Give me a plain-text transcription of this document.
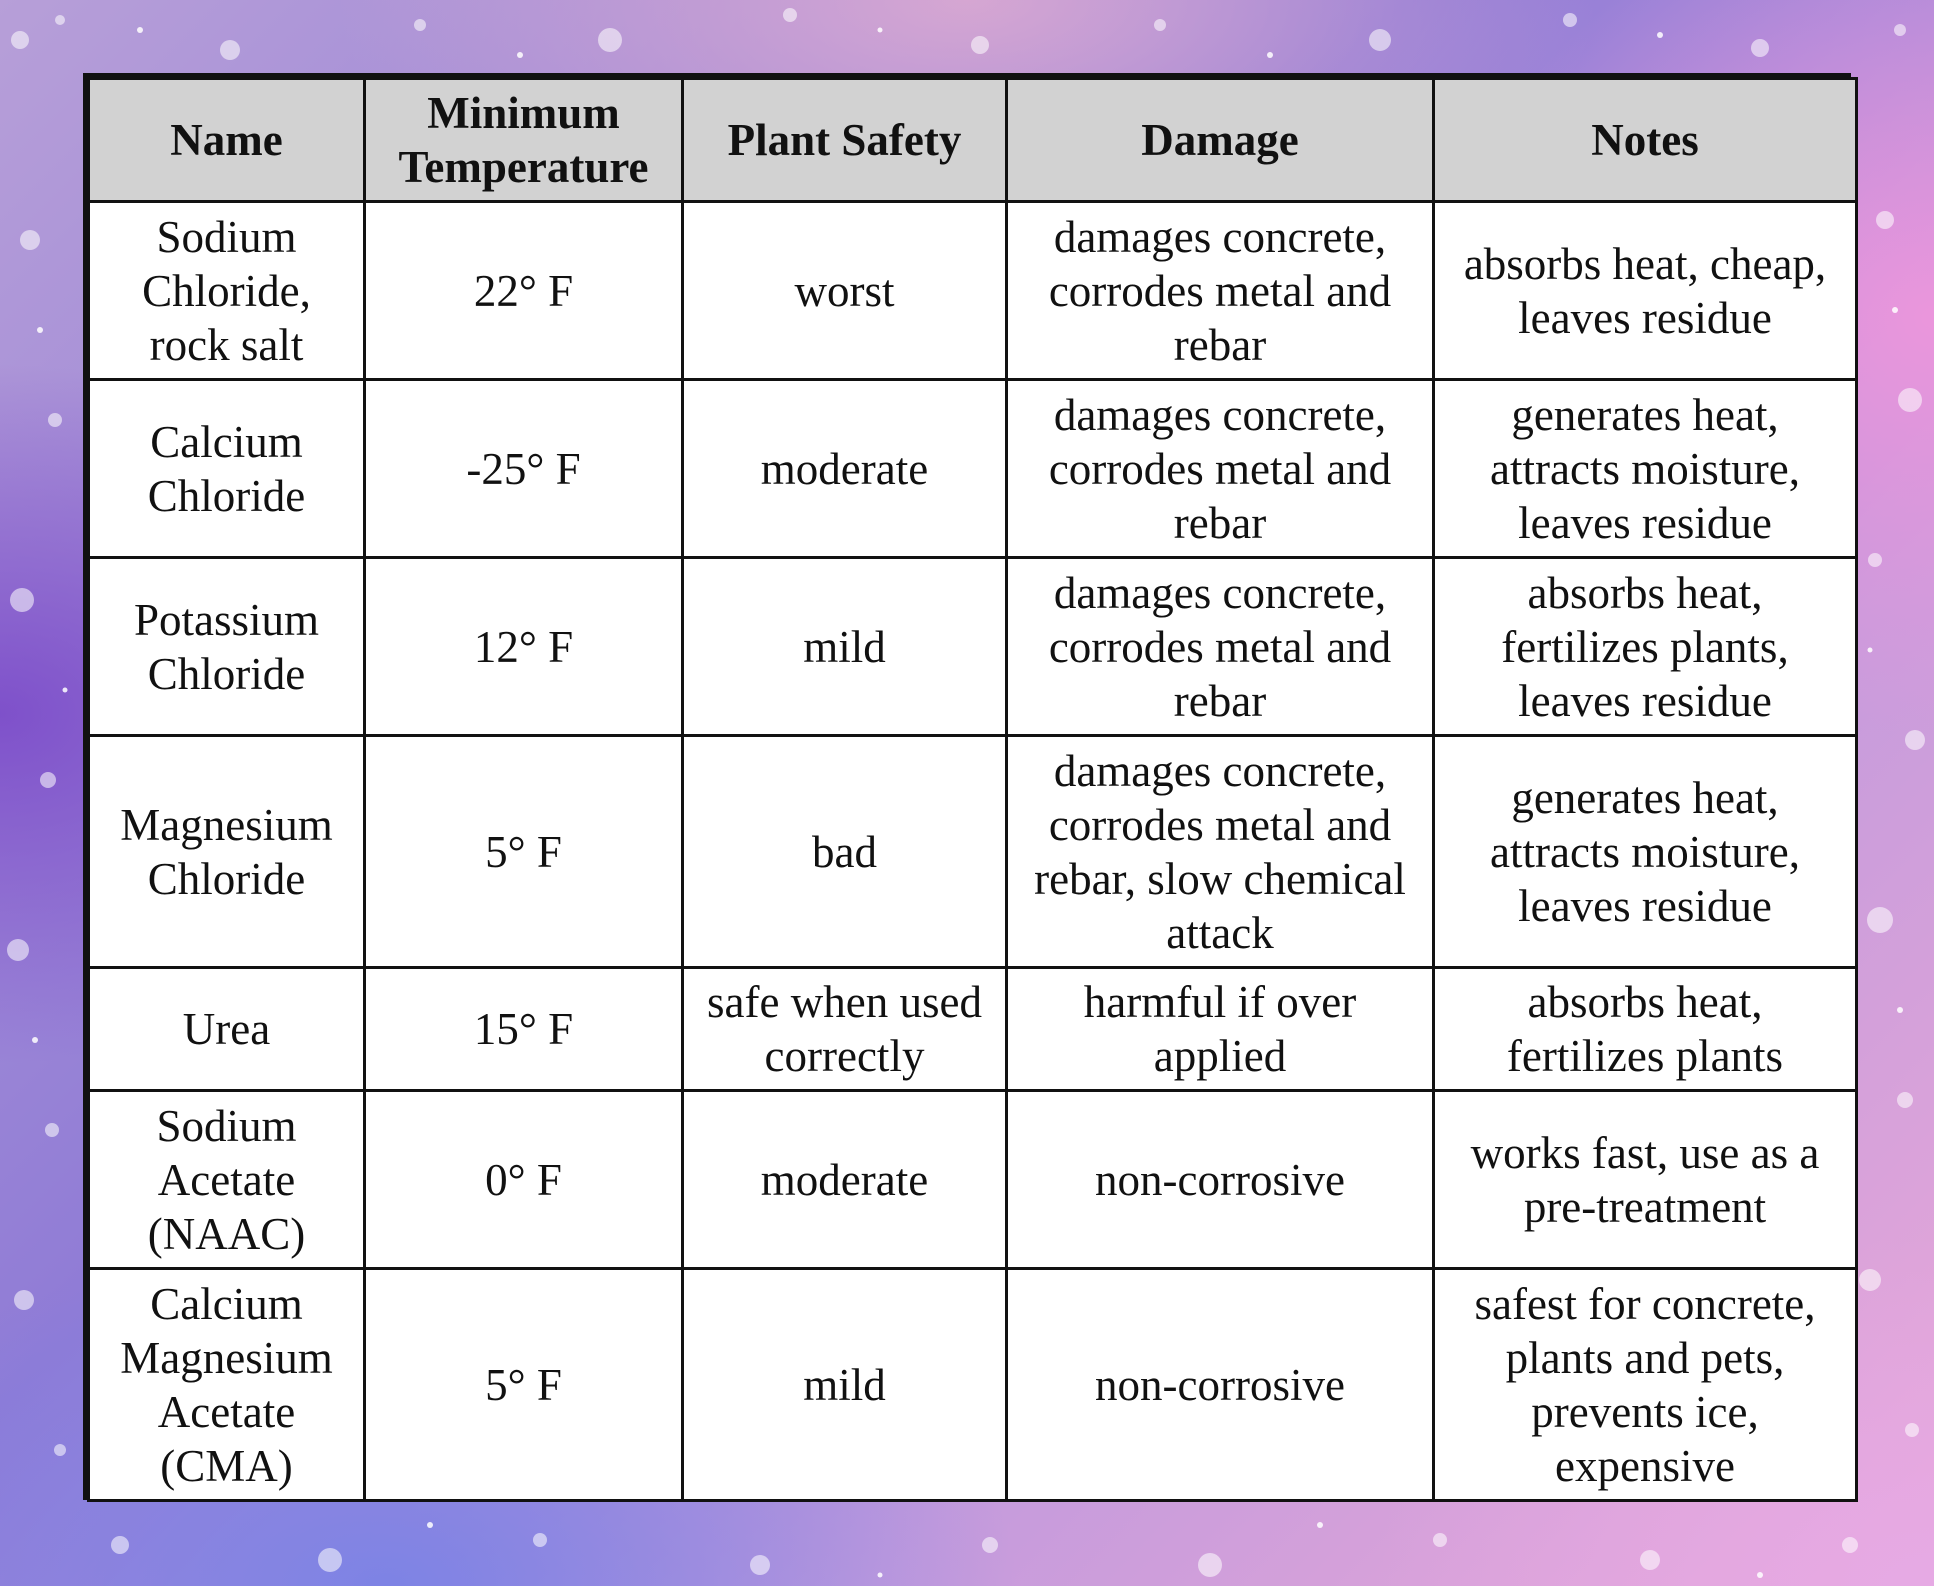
Name	Minimum Temperature	Plant Safety	Damage	Notes

Sodium Chloride, rock salt	22° F	worst	damages concrete, corrodes metal and rebar	absorbs heat, cheap, leaves residue

Calcium Chloride	-25° F	moderate	damages concrete, corrodes metal and rebar	generates heat, attracts moisture, leaves residue

Potassium Chloride	12° F	mild	damages concrete, corrodes metal and rebar	absorbs heat, fertilizes plants, leaves residue

Magnesium Chloride	5° F	bad	damages concrete, corrodes metal and rebar, slow chemical attack	generates heat, attracts moisture, leaves residue

Urea	15° F	safe when used correctly	harmful if over applied	absorbs heat, fertilizes plants

Sodium Acetate (NAAC)	0° F	moderate	non-corrosive	works fast, use as a pre-treatment

Calcium Magnesium Acetate (CMA)	5° F	mild	non-corrosive	safest for concrete, plants and pets, prevents ice, expensive
